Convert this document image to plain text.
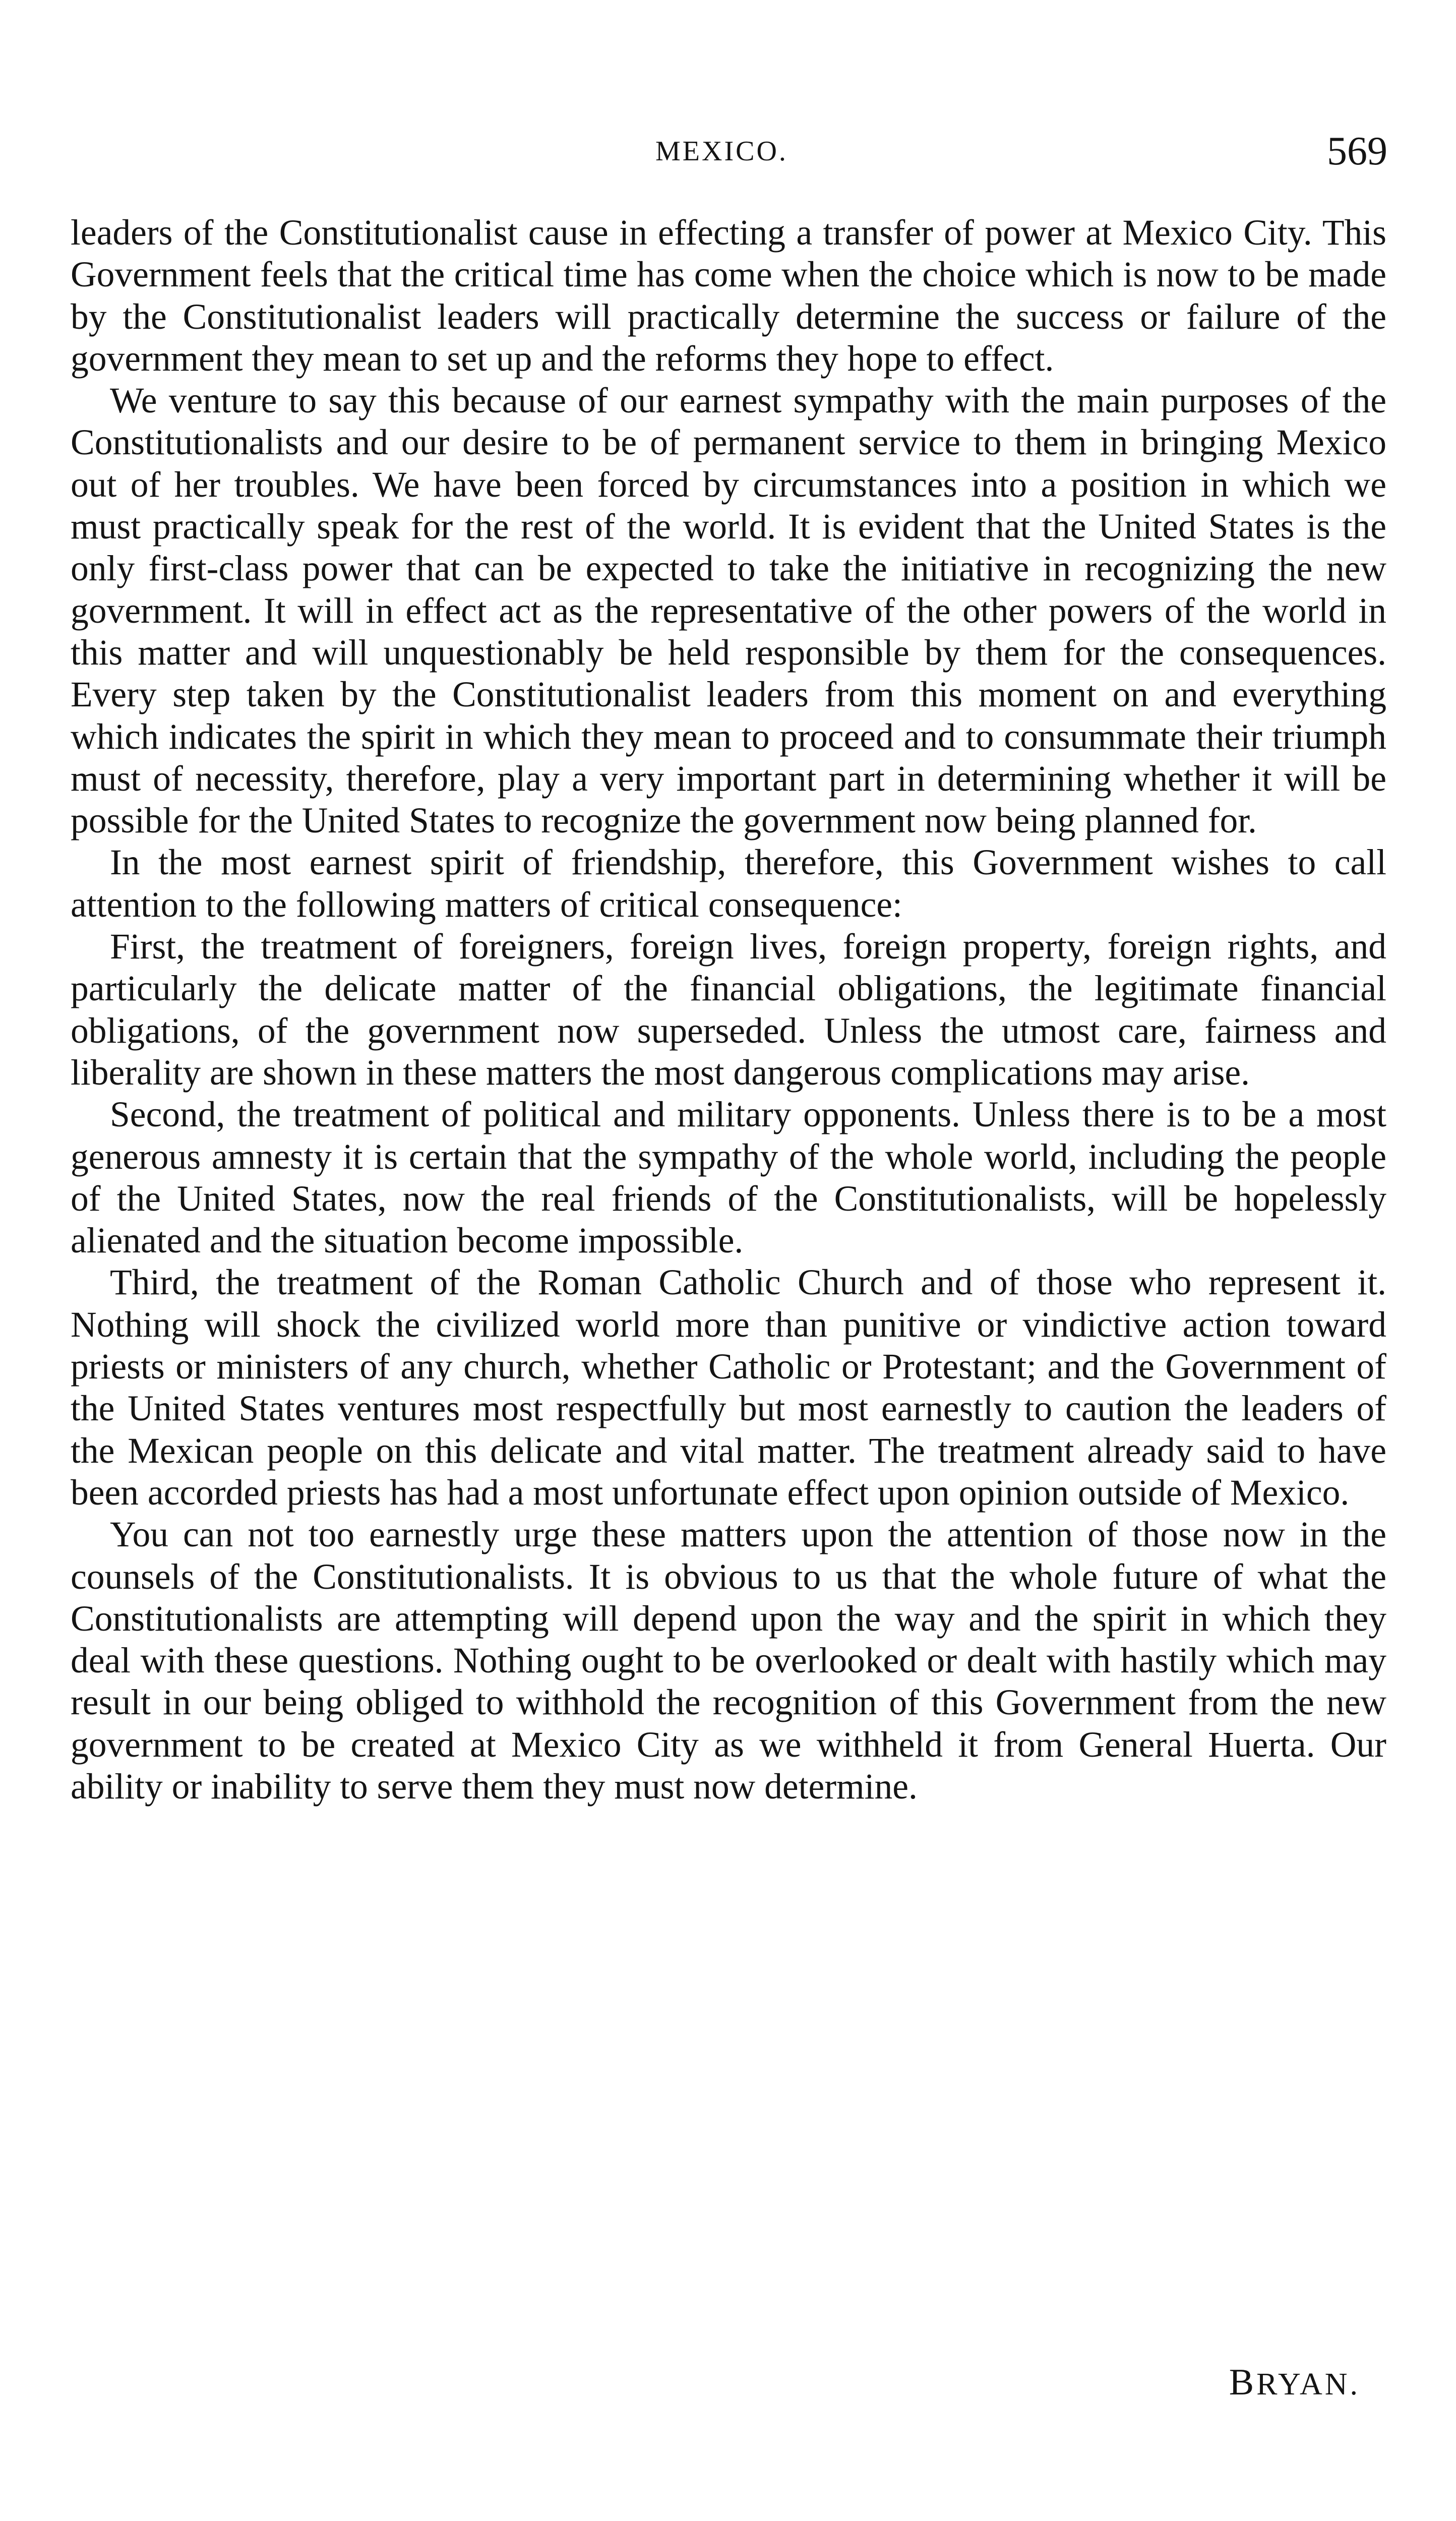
MEXICO.	569

leaders of the Constitutionalist cause in effecting a transfer of power at Mexico City. This Government feels that the critical time has come when the choice which is now to be made by the Constitutionalist leaders will practically determine the success or failure of the government they mean to set up and the reforms they hope to effect.

We venture to say this because of our earnest sympathy with the main purposes of the Constitutionalists and our desire to be of permanent service to them in bringing Mexico out of her troubles. We have been forced by circumstances into a position in which we must practically speak for the rest of the world. It is evident that the United States is the only first-class power that can be expected to take the initiative in recognizing the new government. It will in effect act as the representative of the other powers of the world in this matter and will unquestionably be held responsible by them for the consequences. Every step taken by the Constitutionalist leaders from this moment on and everything which indicates the spirit in which they mean to proceed and to consummate their triumph must of necessity, therefore, play a very important part in determining whether it will be possible for the United States to recognize the government now being planned for.

In the most earnest spirit of friendship, therefore, this Government wishes to call attention to the following matters of critical consequence:

First, the treatment of foreigners, foreign lives, foreign property, foreign rights, and particularly the delicate matter of the financial obligations, the legitimate financial obligations, of the government now superseded. Unless the utmost care, fairness and liberality are shown in these matters the most dangerous complications may arise.

Second, the treatment of political and military opponents. Unless there is to be a most generous amnesty it is certain that the sympathy of the whole world, including the people of the United States, now the real friends of the Constitutionalists, will be hopelessly alienated and the situation become impossible.

Third, the treatment of the Roman Catholic Church and of those who represent it. Nothing will shock the civilized world more than punitive or vindictive action toward priests or ministers of any church, whether Catholic or Protestant; and the Government of the United States ventures most respectfully but most earnestly to caution the leaders of the Mexican people on this delicate and vital matter. The treatment already said to have been accorded priests has had a most unfortunate effect upon opinion outside of Mexico.

You can not too earnestly urge these matters upon the attention of those now in the counsels of the Constitutionalists. It is obvious to us that the whole future of what the Constitutionalists are attempting will depend upon the way and the spirit in which they deal with these questions. Nothing ought to be overlooked or dealt with hastily which may result in our being obliged to withhold the recognition of this Government from the new government to be created at Mexico City as we withheld it from General Huerta. Our ability or inability to serve them they must now determine.

BRYAN.
